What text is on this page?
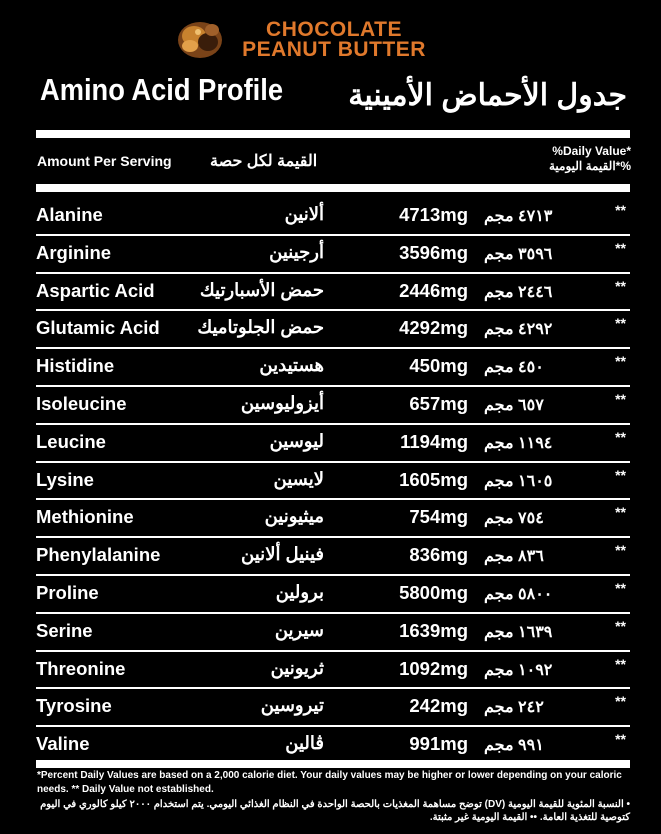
CHOCOLATE
PEANUT BUTTER
Amino Acid Profile جدول الأحماض الأمينية
Amount Per Serving القيمة لكل حصة
%Daily Value*
القيمة اليومية*%
Alanine	ألانين	4713mg ٤٧١٣ مجم	**
Arginine	أرجينين	3596mg ٣٥٩٦ مجم	**
Aspartic Acid	حمض الأسبارتيك	2446mg ٢٤٤٦ مجم	**
Glutamic Acid حمض الجلوتاميك	4292mg ٤٢٩٢ مجم	**
Histidine	هستيدين	450mg ٤٥٠ مجم	**
Isoleucine	أيزوليوسين	657mg ٦٥٧ مجم	**
Leucine	ليوسين	1194mg ١١٩٤ مجم	**
Lysine	لايسين	1605mg ١٦٠٥ مجم	**
Methionine	ميثيونين	754mg ٧٥٤ مجم	**
Phenylalanine	فينيل ألانين	836mg ٨٣٦ مجم	**
Proline	برولين	5800mg ٥٨٠٠ مجم	**
Serine	سيرين	1639mg ١٦٣٩ مجم	**
Threonine	ثريونين	1092mg ١٠٩٢ مجم	**
Tyrosine	تيروسين	242mg ٢٤٢ مجم	**
Valine	ڤالين	991mg ٩٩١ مجم	**
*Percent Daily Values are based on a 2,000 calorie diet. Your daily values may be higher or lower depending on your caloric needs. ** Daily Value not established.
• النسبة المئوية للقيمة اليومية (DV) توضح مساهمة المغذيات بالحصة الواحدة في النظام الغذائي اليومي. يتم استخدام ٢٠٠٠ كيلو كالوري في اليوم كتوصية للتغذية العامة. •• القيمة اليومية غير مثبتة.
